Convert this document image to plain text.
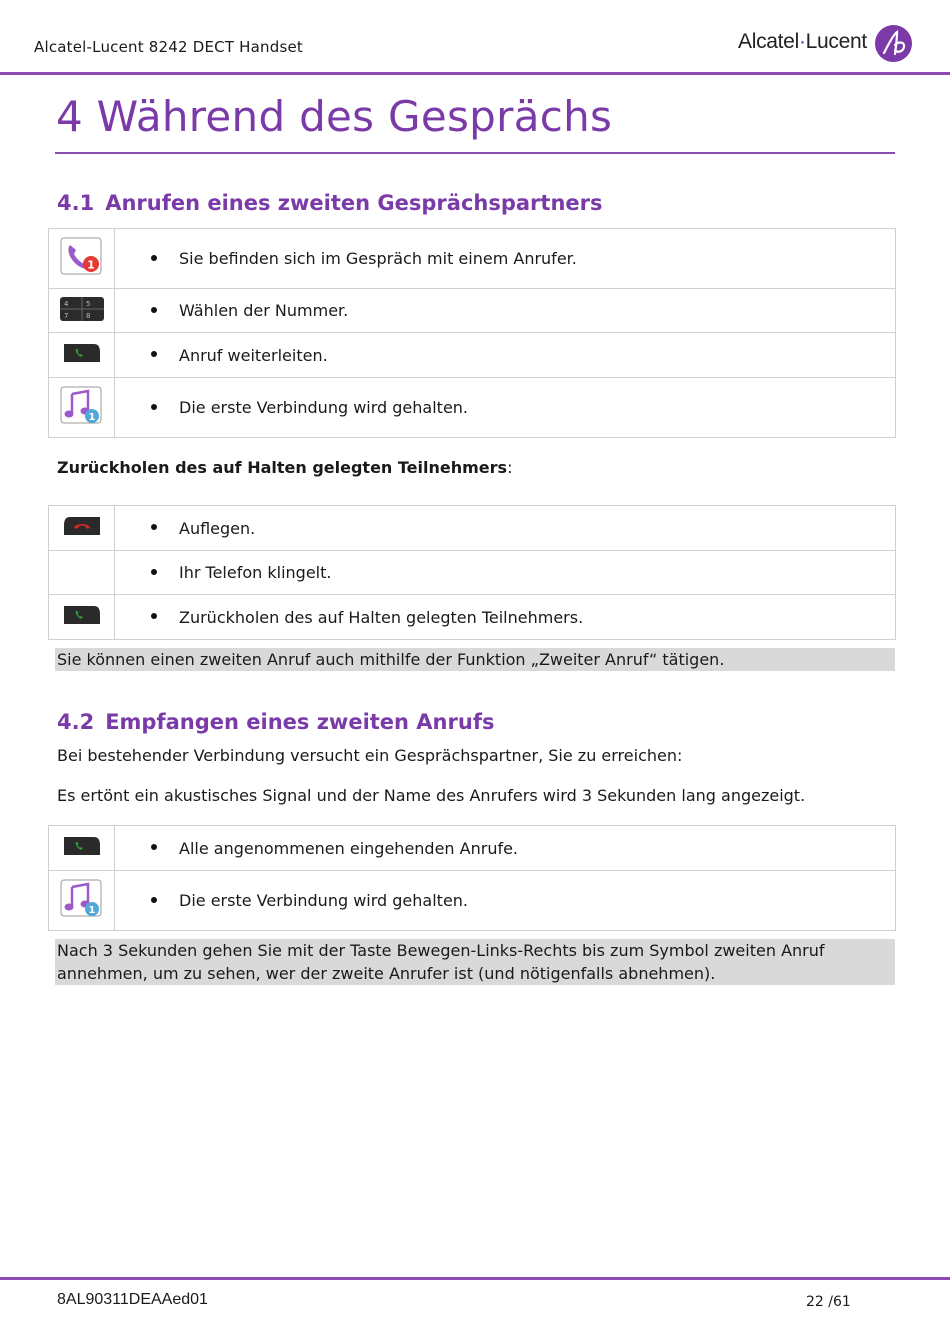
Alcatel-Lucent 8242 DECT Handset	Alcatel·Lucent
4 Während des Gesprächs
4.1 Anrufen eines zweiten Gesprächspartners
1	Sie befinden sich im Gespräch mit einem Anrufer.

4 5
7 8	Wählen der Nummer.
	Anruf weiterleiten.

1	Die erste Verbindung wird gehalten.
Zurückholen des auf Halten gelegten Teilnehmers:
	Auflegen.
	Ihr Telefon klingelt.
	Zurückholen des auf Halten gelegten Teilnehmers.
Sie können einen zweiten Anruf auch mithilfe der Funktion „Zweiter Anruf“ tätigen.
4.2 Empfangen eines zweiten Anrufs
Bei bestehender Verbindung versucht ein Gesprächspartner, Sie zu erreichen:
Es ertönt ein akustisches Signal und der Name des Anrufers wird 3 Sekunden lang angezeigt.
	Alle angenommenen eingehenden Anrufe.

1	Die erste Verbindung wird gehalten.
Nach 3 Sekunden gehen Sie mit der Taste Bewegen-Links-Rechts bis zum Symbol zweiten Anruf
annehmen, um zu sehen, wer der zweite Anrufer ist (und nötigenfalls abnehmen).
8AL90311DEAAed01	22 /61
